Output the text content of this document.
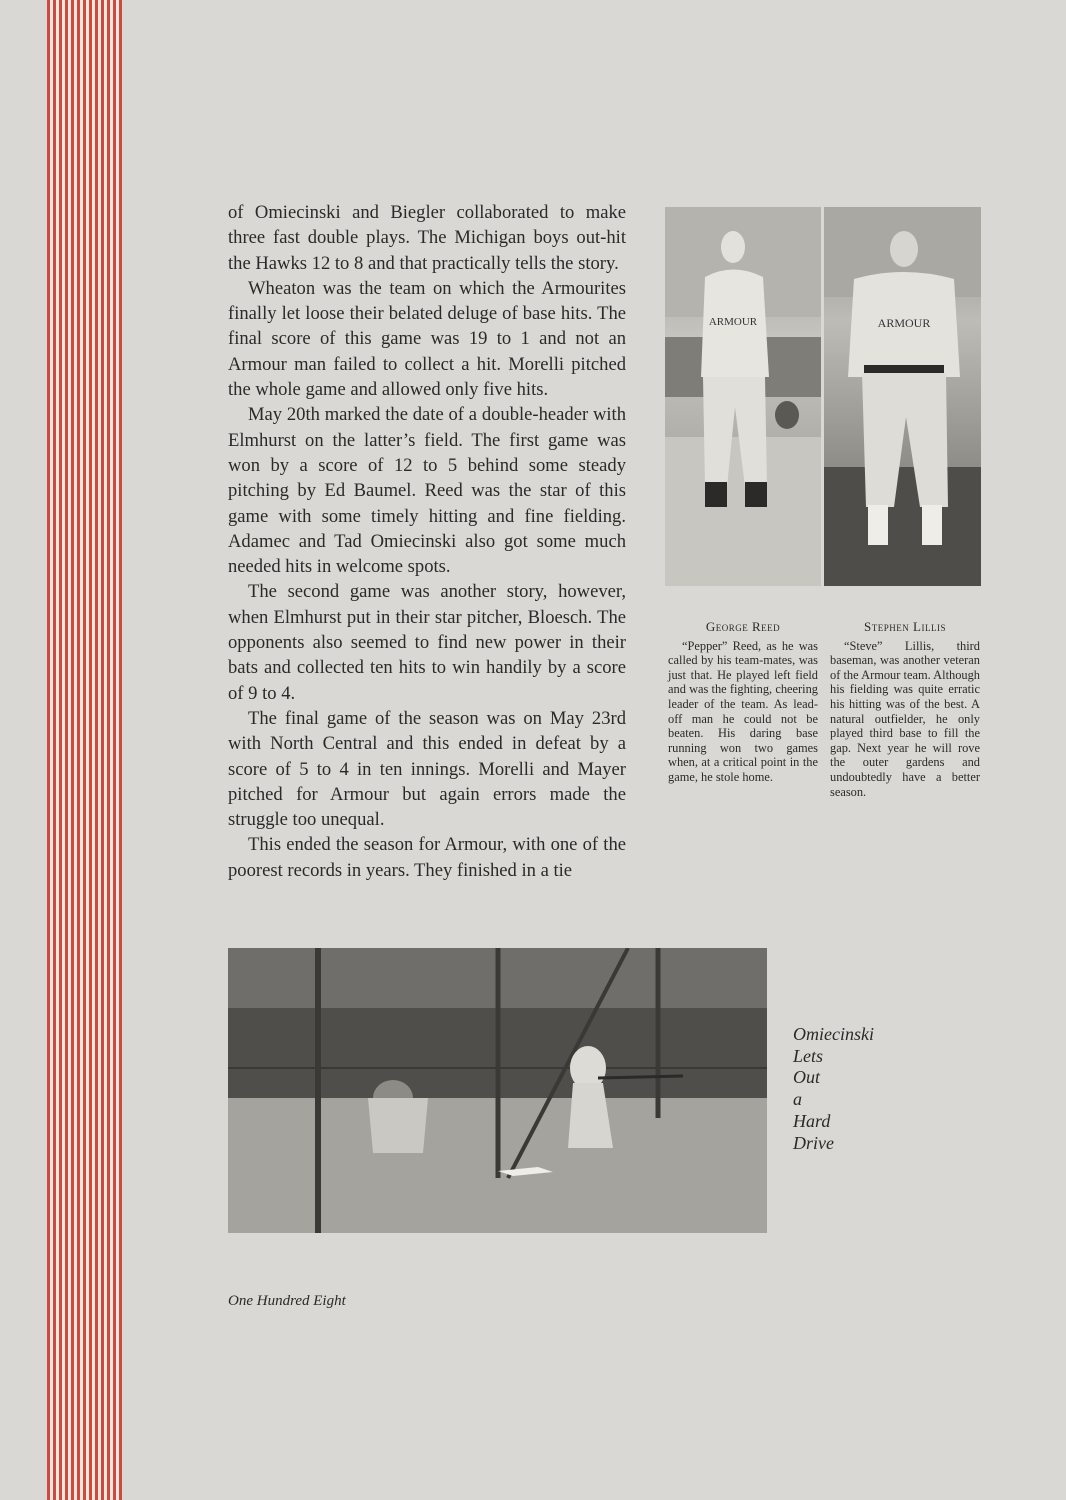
of Omiecinski and Biegler collaborated to make three fast double plays. The Michigan boys out-hit the Hawks 12 to 8 and that practically tells the story.

Wheaton was the team on which the Armourites finally let loose their belated deluge of base hits. The final score of this game was 19 to 1 and not an Armour man failed to collect a hit. Morelli pitched the whole game and allowed only five hits.

May 20th marked the date of a double-header with Elmhurst on the latter’s field. The first game was won by a score of 12 to 5 behind some steady pitching by Ed Baumel. Reed was the star of this game with some timely hitting and fine fielding. Adamec and Tad Omiecinski also got some much needed hits in welcome spots.

The second game was another story, however, when Elmhurst put in their star pitcher, Bloesch. The opponents also seemed to find new power in their bats and collected ten hits to win handily by a score of 9 to 4.

The final game of the season was on May 23rd with North Central and this ended in defeat by a score of 5 to 4 in ten innings. Morelli and Mayer pitched for Armour but again errors made the struggle too unequal.

This ended the season for Armour, with one of the poorest records in years. They finished in a tie

ARMOUR	ARMOUR
George Reed
“Pepper” Reed, as he was called by his team-mates, was just that. He played left field and was the fighting, cheering leader of the team. As lead-off man he could not be beaten. His daring base running won two games when, at a critical point in the game, he stole home.
Stephen Lillis
“Steve” Lillis, third baseman, was another veteran of the Armour team. Although his fielding was quite erratic his hitting was of the best. A natural outfielder, he only played third base to fill the gap. Next year he will rove the outer gardens and undoubtedly have a better season.
Omiecinski
Lets
Out
a
Hard
Drive
One Hundred Eight
